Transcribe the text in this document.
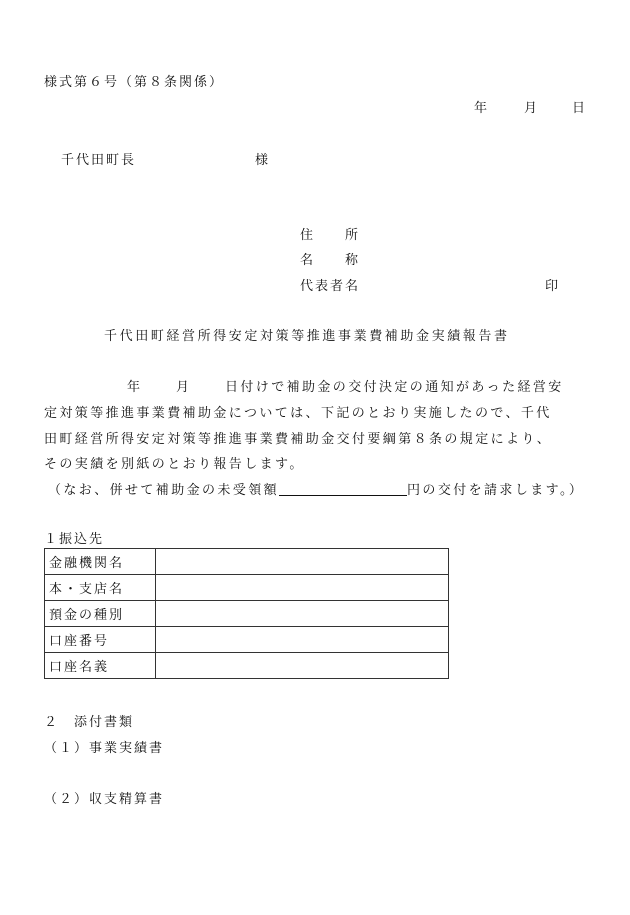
様式第６号（第８条関係）
年	月	日
千代田町長	様
住　　所
名　　称
代表者名	印
千代田町経営所得安定対策等推進事業費補助金実績報告書
年	月	日付けで補助金の交付決定の通知があった経営安
定対策等推進事業費補助金については、下記のとおり実施したので、千代
田町経営所得安定対策等推進事業費補助金交付要綱第８条の規定により、
その実績を別紙のとおり報告します。
（なお、併せて補助金の未受領額	円の交付を請求します。）
１振込先
金融機関名	
本・支店名	
預金の種別	
口座番号	
口座名義	
２　添付書類
（１）事業実績書
（２）収支精算書
